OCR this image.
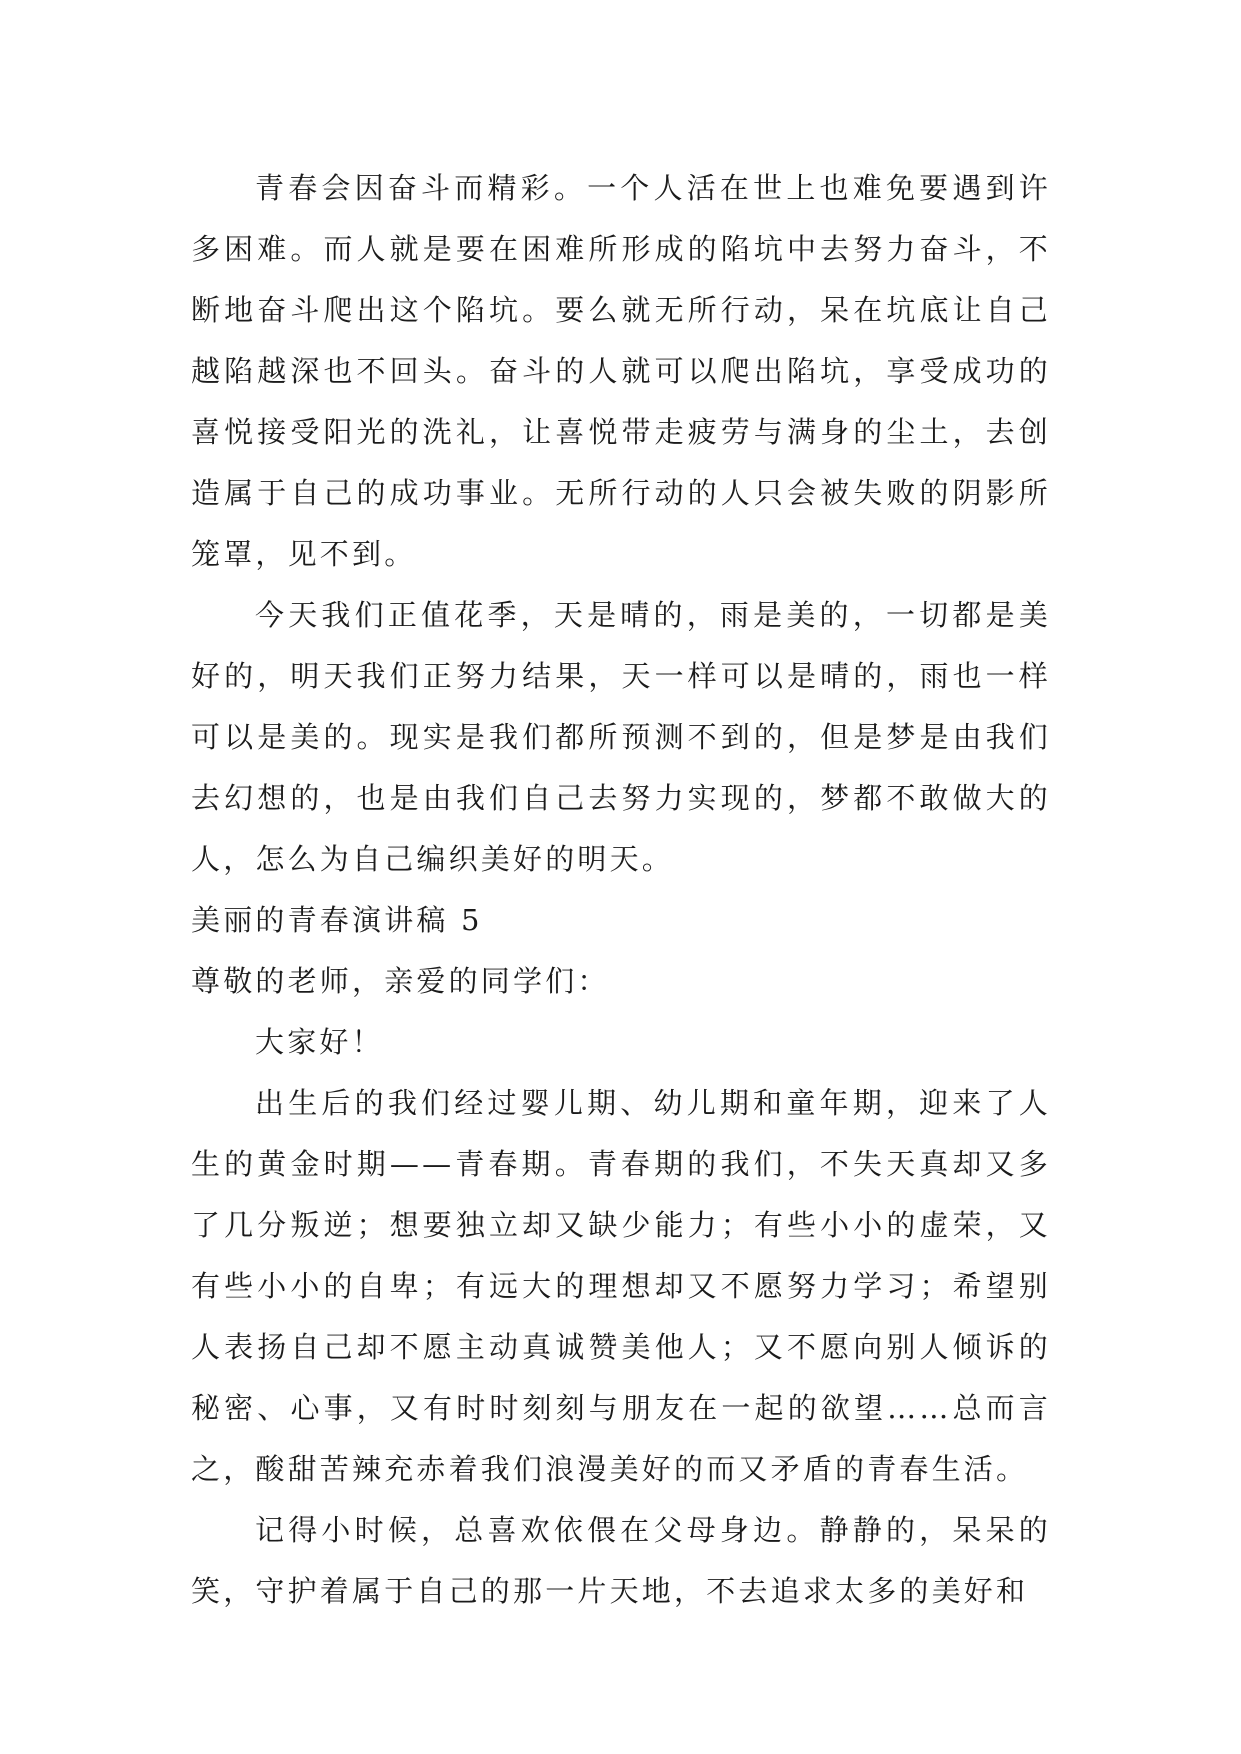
青春会因奋斗而精彩。一个人活在世上也难免要遇到许多困难。而人就是要在困难所形成的陷坑中去努力奋斗，不断地奋斗爬出这个陷坑。要么就无所行动，呆在坑底让自己越陷越深也不回头。奋斗的人就可以爬出陷坑，享受成功的喜悦接受阳光的洗礼，让喜悦带走疲劳与满身的尘土，去创造属于自己的成功事业。无所行动的人只会被失败的阴影所笼罩，见不到。

今天我们正值花季，天是晴的，雨是美的，一切都是美好的，明天我们正努力结果，天一样可以是晴的，雨也一样可以是美的。现实是我们都所预测不到的，但是梦是由我们去幻想的，也是由我们自己去努力实现的，梦都不敢做大的人，怎么为自己编织美好的明天。

美丽的青春演讲稿 5

尊敬的老师，亲爱的同学们：

大家好！

出生后的我们经过婴儿期、幼儿期和童年期，迎来了人生的黄金时期——青春期。青春期的我们，不失天真却又多了几分叛逆；想要独立却又缺少能力；有些小小的虚荣，又有些小小的自卑；有远大的理想却又不愿努力学习；希望别人表扬自己却不愿主动真诚赞美他人；又不愿向别人倾诉的秘密、心事，又有时时刻刻与朋友在一起的欲望……总而言之，酸甜苦辣充赤着我们浪漫美好的而又矛盾的青春生活。

记得小时候，总喜欢依偎在父母身边。静静的，呆呆的笑，守护着属于自己的那一片天地，不去追求太多的美好和
